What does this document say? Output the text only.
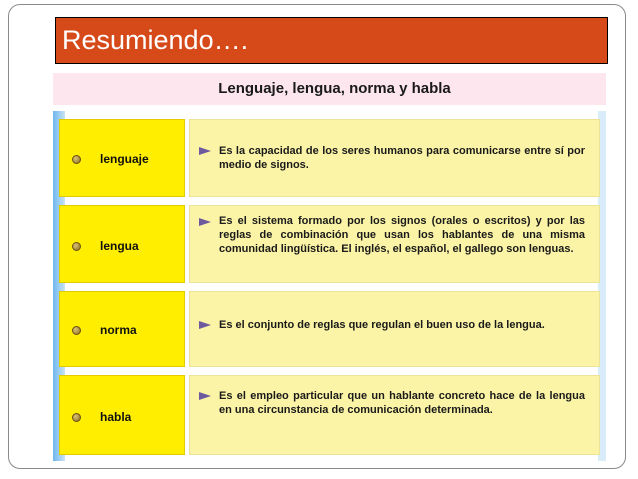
Resumiendo….
Lenguaje, lengua, norma y habla
lenguaje
Es la capacidad de los seres humanos para comunicarse entre sí por medio de signos.
lengua
Es el sistema formado por los signos (orales o escritos) y por las reglas de combinación que usan los hablantes de una misma comunidad lingüística. El inglés, el español, el gallego son lenguas.
norma	Es el conjunto de reglas que regulan el buen uso de la lengua.
habla
Es el empleo particular que un hablante concreto hace de la lengua en una circunstancia de comunicación determinada.
